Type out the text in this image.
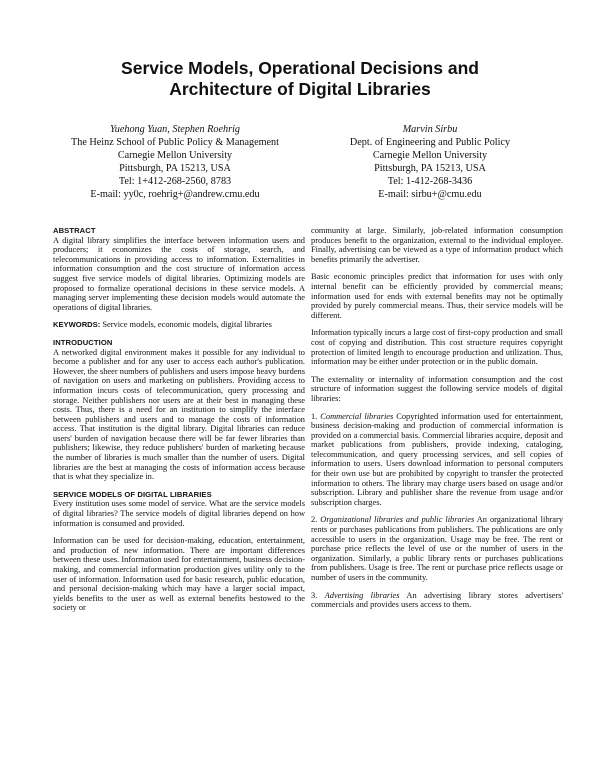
Service Models, Operational Decisions and
Architecture of Digital Libraries
Yuehong Yuan, Stephen Roehrig
The Heinz School of Public Policy & Management
Carnegie Mellon University
Pittsburgh, PA 15213, USA
Tel: 1+412-268-2560, 8783
E-mail: yy0c, roehrig+@andrew.cmu.edu
Marvin Sirbu
Dept. of Engineering and Public Policy
Carnegie Mellon University
Pittsburgh, PA 15213, USA
Tel: 1-412-268-3436
E-mail: sirbu+@cmu.edu
ABSTRACT

A digital library simplifies the interface between information users and producers; it economizes the costs of storage, search, and telecommunications in providing access to information. Externalities in information consumption and the cost structure of information access suggest five service models of digital libraries. Optimizing models are proposed to formalize operational decisions in these service models. A managing server implementing these decision models would automate the operations of digital libraries.

KEYWORDS: Service models, economic models, digital libraries

INTRODUCTION

A networked digital environment makes it possible for any individual to become a publisher and for any user to access each author's publication. However, the sheer numbers of publishers and users impose heavy burdens of navigation on users and marketing on publishers. Providing access to information incurs costs of telecommunication, query processing and storage. Neither publishers nor users are at their best in managing these costs. Thus, there is a need for an institution to simplify the interface between publishers and users and to manage the costs of information access. That institution is the digital library. Digital libraries can reduce users' burden of navigation because there will be far fewer libraries than publishers; likewise, they reduce publishers' burden of marketing because the number of libraries is much smaller than the number of users. Digital libraries are the best at managing the costs of information access because that is what they specialize in.

SERVICE MODELS OF DIGITAL LIBRARIES

Every institution uses some model of service. What are the service models of digital libraries? The service models of digital libraries depend on how information is consumed and provided.

Information can be used for decision-making, education, entertainment, and production of new information. There are important differences between these uses. Information used for entertainment, business decision-making, and commercial information production gives utility only to the user of information. Information used for basic research, public education, and personal decision-making which may have a larger social impact, yields benefits to the user as well as external benefits bestowed to the society or

community at large. Similarly, job-related information consumption produces benefit to the organization, external to the individual employee. Finally, advertising can be viewed as a type of information product which benefits primarily the advertiser.

Basic economic principles predict that information for uses with only internal benefit can be efficiently provided by commercial means; information used for ends with external benefits may not be optimally provided by purely commercial means. Thus, their service models will be different.

Information typically incurs a large cost of first-copy production and small cost of copying and distribution. This cost structure requires copyright protection of limited length to encourage production and utilization. Thus, information may be either under protection or in the public domain.

The externality or internality of information consumption and the cost structure of information suggest the following service models of digital libraries:

1. Commercial libraries Copyrighted information used for entertainment, business decision-making and production of commercial information is provided on a commercial basis. Commercial libraries acquire, deposit and market publications from publishers, provide indexing, cataloging, telecommunication, and query processing services, and sell copies of information to users. Users download information to personal computers for their own use but are prohibited by copyright to transfer the protected information to others. The library may charge users based on usage and/or subscription. Library and publisher share the revenue from usage and/or subscription charges.

2. Organizational libraries and public libraries An organizational library rents or purchases publications from publishers. The publications are only accessible to users in the organization. Usage may be free. The rent or purchase price reflects the level of use or the number of users in the organization. Similarly, a public library rents or purchases publications from publishers. Usage is free. The rent or purchase price reflects usage or number of users in the community.

3. Advertising libraries An advertising library stores advertisers' commercials and provides users access to them.
